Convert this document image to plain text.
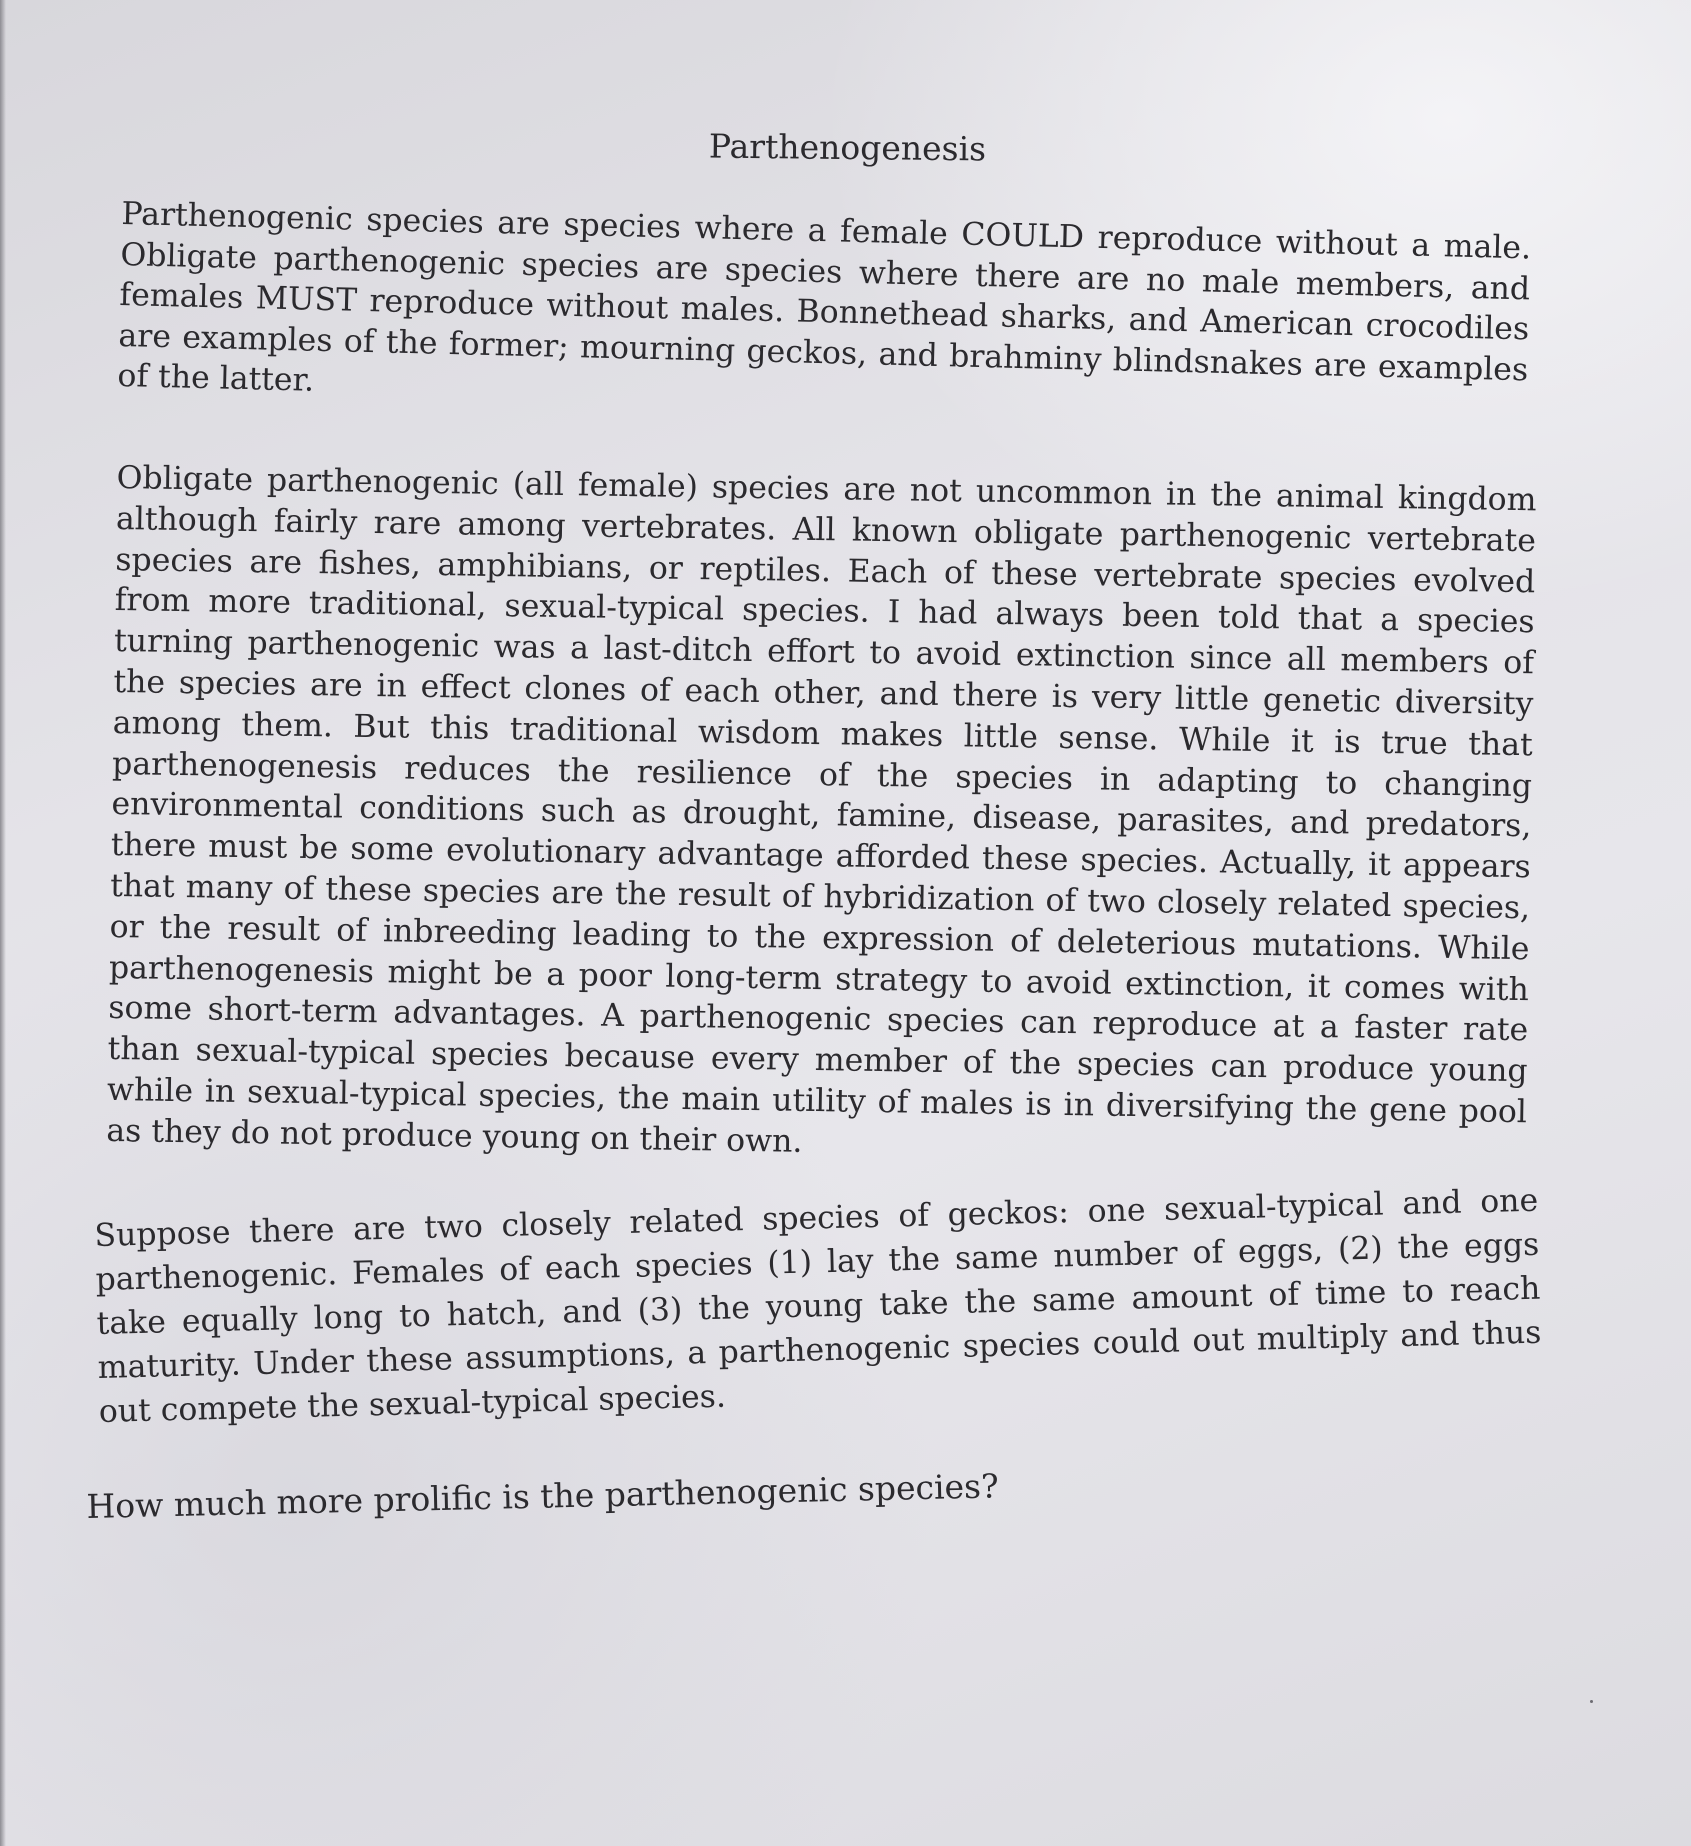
Parthenogenesis

Parthenogenic species are species where a female COULD reproduce without a male. Obligate parthenogenic species are species where there are no male members, and females MUST reproduce without males. Bonnethead sharks, and American crocodiles are examples of the former; mourning geckos, and brahminy blindsnakes are examples of the latter.

Obligate parthenogenic (all female) species are not uncommon in the animal kingdom although fairly rare among vertebrates. All known obligate parthenogenic vertebrate species are fishes, amphibians, or reptiles. Each of these vertebrate species evolved from more traditional, sexual-typical species. I had always been told that a species turning parthenogenic was a last-ditch effort to avoid extinction since all members of the species are in effect clones of each other, and there is very little genetic diversity among them. But this traditional wisdom makes little sense. While it is true that parthenogenesis reduces the resilience of the species in adapting to changing environmental conditions such as drought, famine, disease, parasites, and predators, there must be some evolutionary advantage afforded these species. Actually, it appears that many of these species are the result of hybridization of two closely related species, or the result of inbreeding leading to the expression of deleterious mutations. While parthenogenesis might be a poor long-term strategy to avoid extinction, it comes with some short-term advantages. A parthenogenic species can reproduce at a faster rate than sexual-typical species because every member of the species can produce young while in sexual-typical species, the main utility of males is in diversifying the gene pool as they do not produce young on their own.

Suppose there are two closely related species of geckos: one sexual-typical and one parthenogenic. Females of each species (1) lay the same number of eggs, (2) the eggs take equally long to hatch, and (3) the young take the same amount of time to reach maturity. Under these assumptions, a parthenogenic species could out multiply and thus out compete the sexual-typical species.

How much more prolific is the parthenogenic species?
